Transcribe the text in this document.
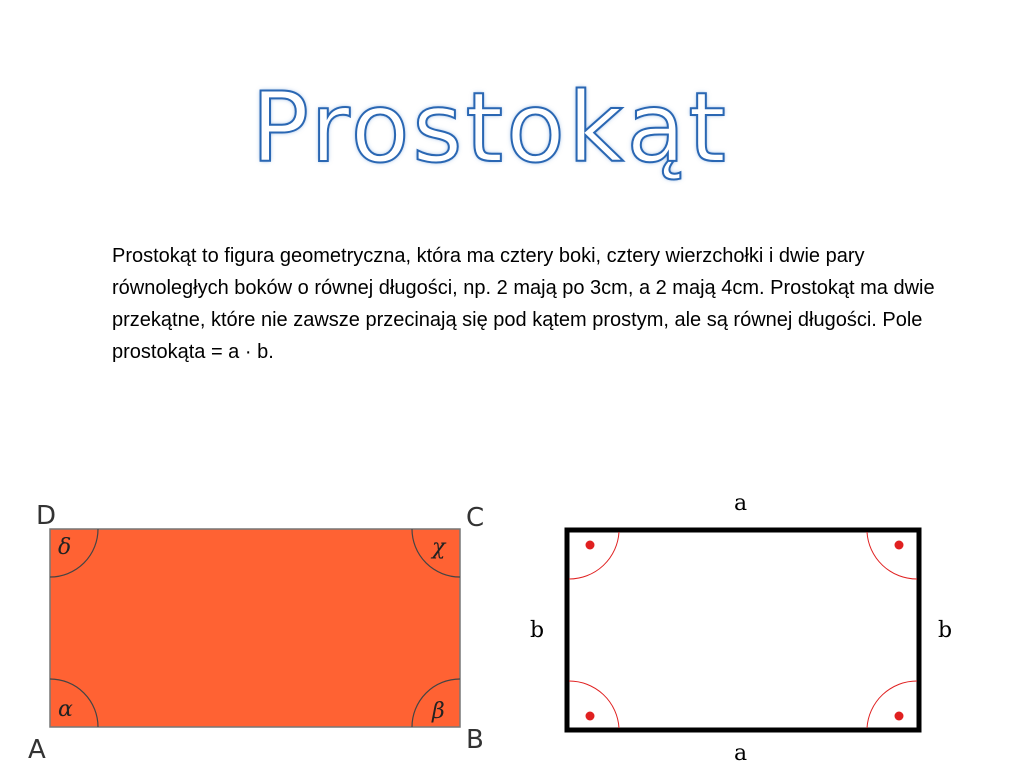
Prostokąt

Prostokąt to figura geometryczna, która ma cztery boki, cztery wierzchołki i dwie pary równoległych boków o równej długości, np. 2 mają po 3cm, a 2 mają 4cm. Prostokąt ma dwie przekątne, które nie zawsze przecinają się pod kątem prostym, ale są równej długości. Pole prostokąta = a · b.

δ	χ
α	β
D	C
A	B
a
a
b	b
